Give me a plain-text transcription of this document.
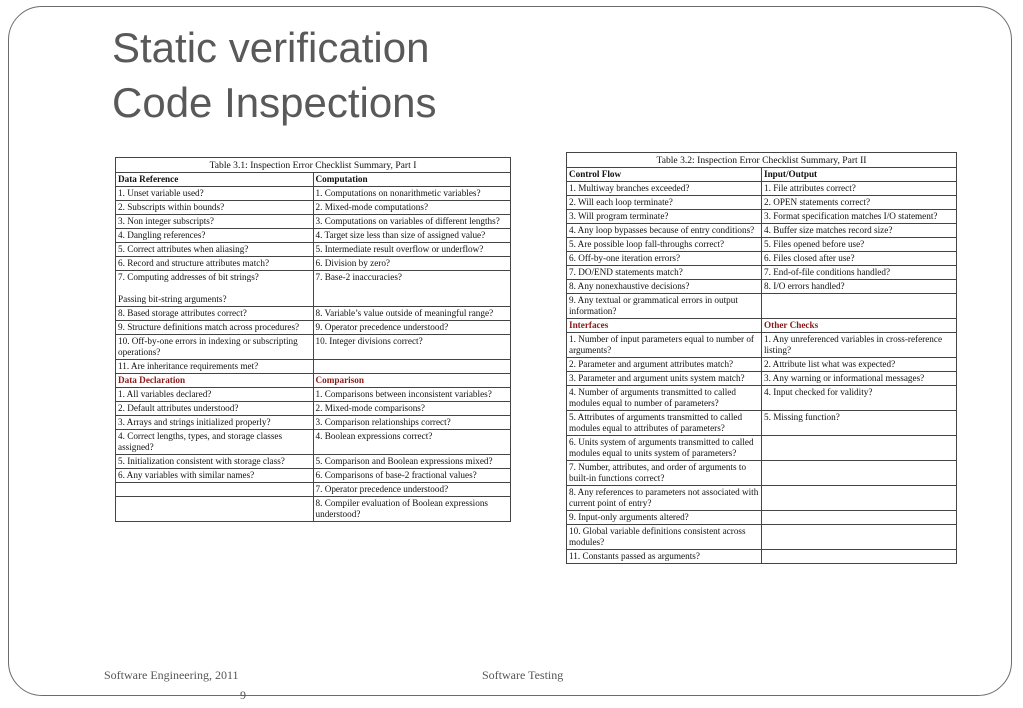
Static verification
Code Inspections
Table 3.1: Inspection Error Checklist Summary, Part I
Data Reference	Computation
1. Unset variable used?	1. Computations on nonarithmetic variables?
2. Subscripts within bounds?	2. Mixed-mode computations?
3. Non integer subscripts?	3. Computations on variables of different lengths?
4. Dangling references?	4. Target size less than size of assigned value?
5. Correct attributes when aliasing?	5. Intermediate result overflow or underflow?
6. Record and structure attributes match?	6. Division by zero?
7. Computing addresses of bit strings?

Passing bit-string arguments?	7. Base-2 inaccuracies?
8. Based storage attributes correct?	8. Variable’s value outside of meaningful range?
9. Structure definitions match across procedures?	9. Operator precedence understood?
10. Off-by-one errors in indexing or subscripting operations?	10. Integer divisions correct?
11. Are inheritance requirements met?	
Data Declaration	Comparison
1. All variables declared?	1. Comparisons between inconsistent variables?
2. Default attributes understood?	2. Mixed-mode comparisons?
3. Arrays and strings initialized properly?	3. Comparison relationships correct?
4. Correct lengths, types, and storage classes assigned?	4. Boolean expressions correct?
5. Initialization consistent with storage class?	5. Comparison and Boolean expressions mixed?
6. Any variables with similar names?	6. Comparisons of base-2 fractional values?
	7. Operator precedence understood?
	8. Compiler evaluation of Boolean expressions understood?
Table 3.2: Inspection Error Checklist Summary, Part II
Control Flow	Input/Output
1. Multiway branches exceeded?	1. File attributes correct?
2. Will each loop terminate?	2. OPEN statements correct?
3. Will program terminate?	3. Format specification matches I/O statement?
4. Any loop bypasses because of entry conditions?	4. Buffer size matches record size?
5. Are possible loop fall-throughs correct?	5. Files opened before use?
6. Off-by-one iteration errors?	6. Files closed after use?
7. DO/END statements match?	7. End-of-file conditions handled?
8. Any nonexhaustive decisions?	8. I/O errors handled?
9. Any textual or grammatical errors in output information?	
Interfaces	Other Checks
1. Number of input parameters equal to number of arguments?	1. Any unreferenced variables in cross-reference listing?
2. Parameter and argument attributes match?	2. Attribute list what was expected?
3. Parameter and argument units system match?	3. Any warning or informational messages?
4. Number of arguments transmitted to called modules equal to number of parameters?	4. Input checked for validity?
5. Attributes of arguments transmitted to called modules equal to attributes of parameters?	5. Missing function?
6. Units system of arguments transmitted to called modules equal to units system of parameters?	
7. Number, attributes, and order of arguments to built-in functions correct?	
8. Any references to parameters not associated with current point of entry?	
9. Input-only arguments altered?	
10. Global variable definitions consistent across modules?	
11. Constants passed as arguments?	
Software Engineering, 2011
9
Software Testing
